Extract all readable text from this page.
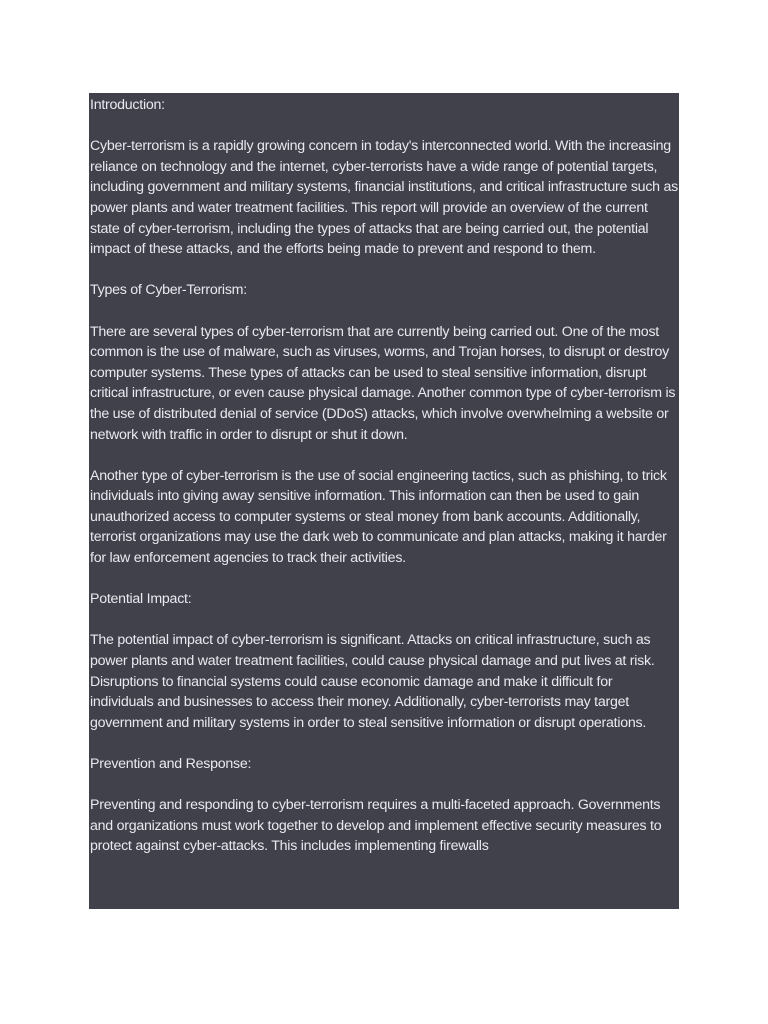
Introduction:

Cyber-terrorism is a rapidly growing concern in today's interconnected world. With the increasing reliance on technology and the internet, cyber-terrorists have a wide range of potential targets, including government and military systems, financial institutions, and critical infrastructure such as power plants and water treatment facilities. This report will provide an overview of the current state of cyber-terrorism, including the types of attacks that are being carried out, the potential impact of these attacks, and the efforts being made to prevent and respond to them.

Types of Cyber-Terrorism:

There are several types of cyber-terrorism that are currently being carried out. One of the most common is the use of malware, such as viruses, worms, and Trojan horses, to disrupt or destroy computer systems. These types of attacks can be used to steal sensitive information, disrupt critical infrastructure, or even cause physical damage. Another common type of cyber-terrorism is the use of distributed denial of service (DDoS) attacks, which involve overwhelming a website or network with traffic in order to disrupt or shut it down.

Another type of cyber-terrorism is the use of social engineering tactics, such as phishing, to trick individuals into giving away sensitive information. This information can then be used to gain unauthorized access to computer systems or steal money from bank accounts. Additionally, terrorist organizations may use the dark web to communicate and plan attacks, making it harder for law enforcement agencies to track their activities.

Potential Impact:

The potential impact of cyber-terrorism is significant. Attacks on critical infrastructure, such as power plants and water treatment facilities, could cause physical damage and put lives at risk. Disruptions to financial systems could cause economic damage and make it difficult for individuals and businesses to access their money. Additionally, cyber-terrorists may target government and military systems in order to steal sensitive information or disrupt operations.

Prevention and Response:

Preventing and responding to cyber-terrorism requires a multi-faceted approach. Governments and organizations must work together to develop and implement effective security measures to protect against cyber-attacks. This includes implementing firewalls
